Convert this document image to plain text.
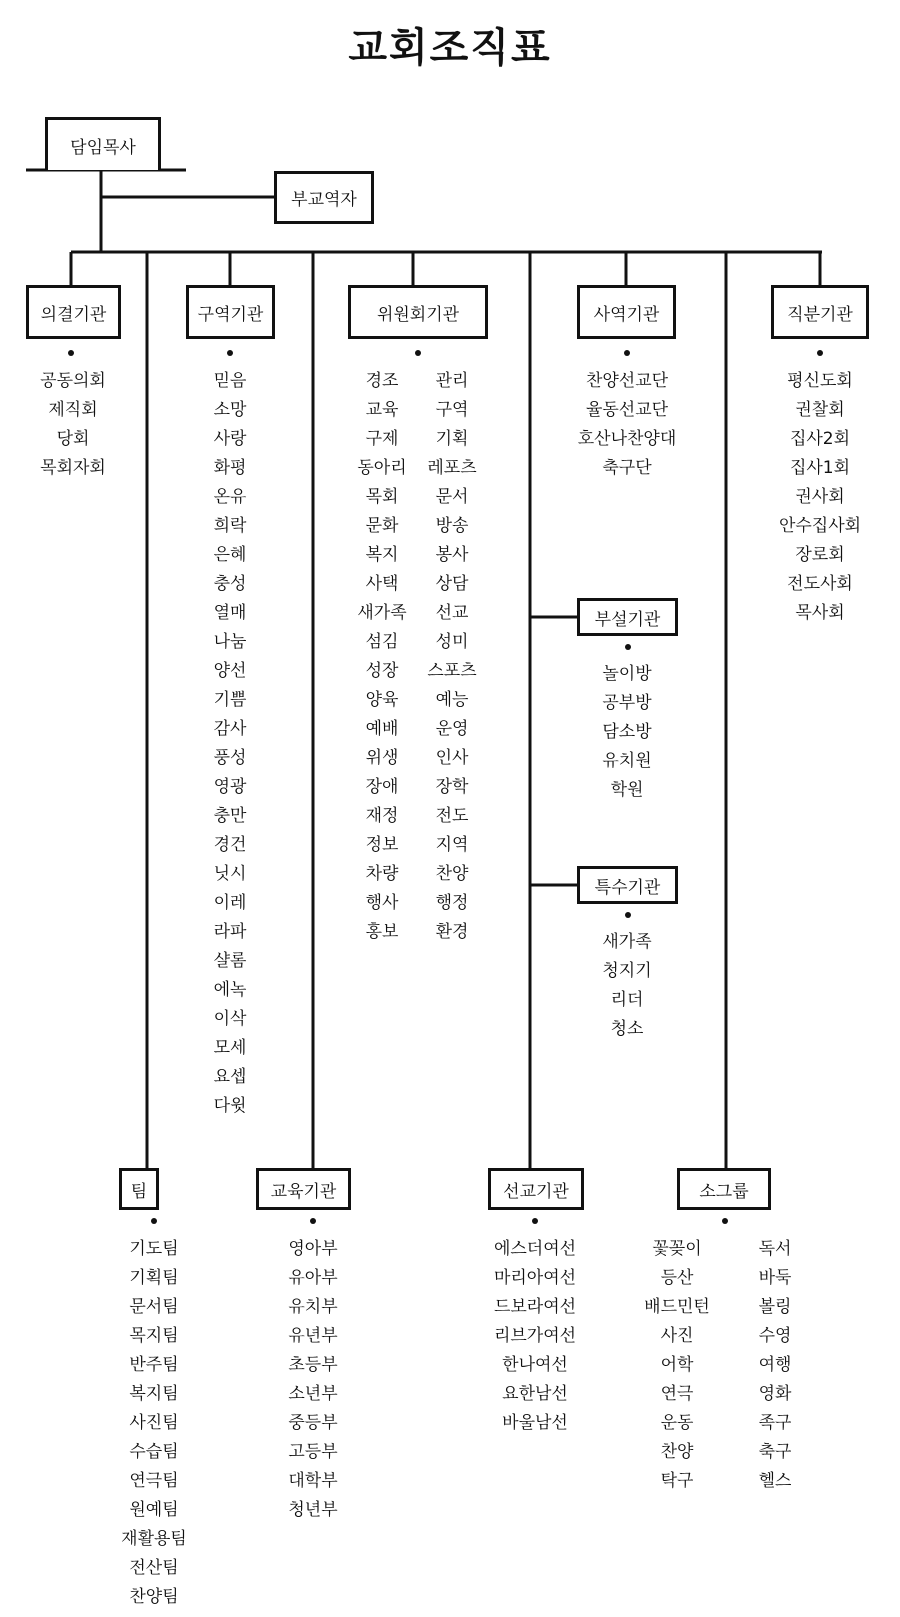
교회조직표
담임목사
부교역자
의결기관
공동의회
제직회
당회
목회자회
구역기관
믿음
소망
사랑
화평
온유
희락
은혜
충성
열매
나눔
양선
기쁨
감사
풍성
영광
충만
경건
닛시
이레
라파
샬롬
에녹
이삭
모세
요셉
다윗
위원회기관
경조
교육
구제
동아리
목회
문화
복지
사택
새가족
섬김
성장
양육
예배
위생
장애
재정
정보
차량
행사
홍보
관리
구역
기획
레포츠
문서
방송
봉사
상담
선교
성미
스포츠
예능
운영
인사
장학
전도
지역
찬양
행정
환경
사역기관
찬양선교단
율동선교단
호산나찬양대
축구단
직분기관
평신도회
권찰회
집사2회
집사1회
권사회
안수집사회
장로회
전도사회
목사회
부설기관
놀이방
공부방
담소방
유치원
학원
특수기관
새가족
청지기
리더
청소
팀
기도팀
기획팀
문서팀
목지팀
반주팀
복지팀
사진팀
수습팀
연극팀
원예팀
재활용팀
전산팀
찬양팀
교육기관
영아부
유아부
유치부
유년부
초등부
소년부
중등부
고등부
대학부
청년부
선교기관
에스더여선
마리아여선
드보라여선
리브가여선
한나여선
요한남선
바울남선
소그룹
꽃꽂이
등산
배드민턴
사진
어학
연극
운동
찬양
탁구
독서
바둑
볼링
수영
여행
영화
족구
축구
헬스
